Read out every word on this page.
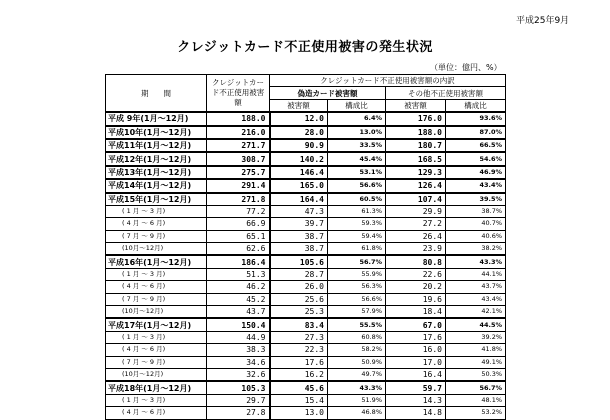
平成25年9月
クレジットカード不正使用被害の発生状況
（単位：億円、%）
期　　間	クレジットカード不正使用被害額	クレジットカード不正使用被害額の内訳			
		偽造カード被害額		その他不正使用被害額	
		被害額	構成比	被害額	構成比
平成 9年(1月～12月)	188.0	12.0	6.4%	176.0	93.6%
平成10年(1月～12月)	216.0	28.0	13.0%	188.0	87.0%
平成11年(1月～12月)	271.7	90.9	33.5%	180.7	66.5%
平成12年(1月～12月)	308.7	140.2	45.4%	168.5	54.6%
平成13年(1月～12月)	275.7	146.4	53.1%	129.3	46.9%
平成14年(1月～12月)	291.4	165.0	56.6%	126.4	43.4%
平成15年(1月～12月)	271.8	164.4	60.5%	107.4	39.5%
( 1 月 ～ 3 月)	77.2	47.3	61.3%	29.9	38.7%
( 4 月 ～ 6 月)	66.9	39.7	59.3%	27.2	40.7%
( 7 月 ～ 9 月)	65.1	38.7	59.4%	26.4	40.6%
(10月～12月)	62.6	38.7	61.8%	23.9	38.2%
平成16年(1月～12月)	186.4	105.6	56.7%	80.8	43.3%
( 1 月 ～ 3 月)	51.3	28.7	55.9%	22.6	44.1%
( 4 月 ～ 6 月)	46.2	26.0	56.3%	20.2	43.7%
( 7 月 ～ 9 月)	45.2	25.6	56.6%	19.6	43.4%
(10月～12月)	43.7	25.3	57.9%	18.4	42.1%
平成17年(1月～12月)	150.4	83.4	55.5%	67.0	44.5%
( 1 月 ～ 3 月)	44.9	27.3	60.8%	17.6	39.2%
( 4 月 ～ 6 月)	38.3	22.3	58.2%	16.0	41.8%
( 7 月 ～ 9 月)	34.6	17.6	50.9%	17.0	49.1%
(10月～12月)	32.6	16.2	49.7%	16.4	50.3%
平成18年(1月～12月)	105.3	45.6	43.3%	59.7	56.7%
( 1 月 ～ 3 月)	29.7	15.4	51.9%	14.3	48.1%
( 4 月 ～ 6 月)	27.8	13.0	46.8%	14.8	53.2%
